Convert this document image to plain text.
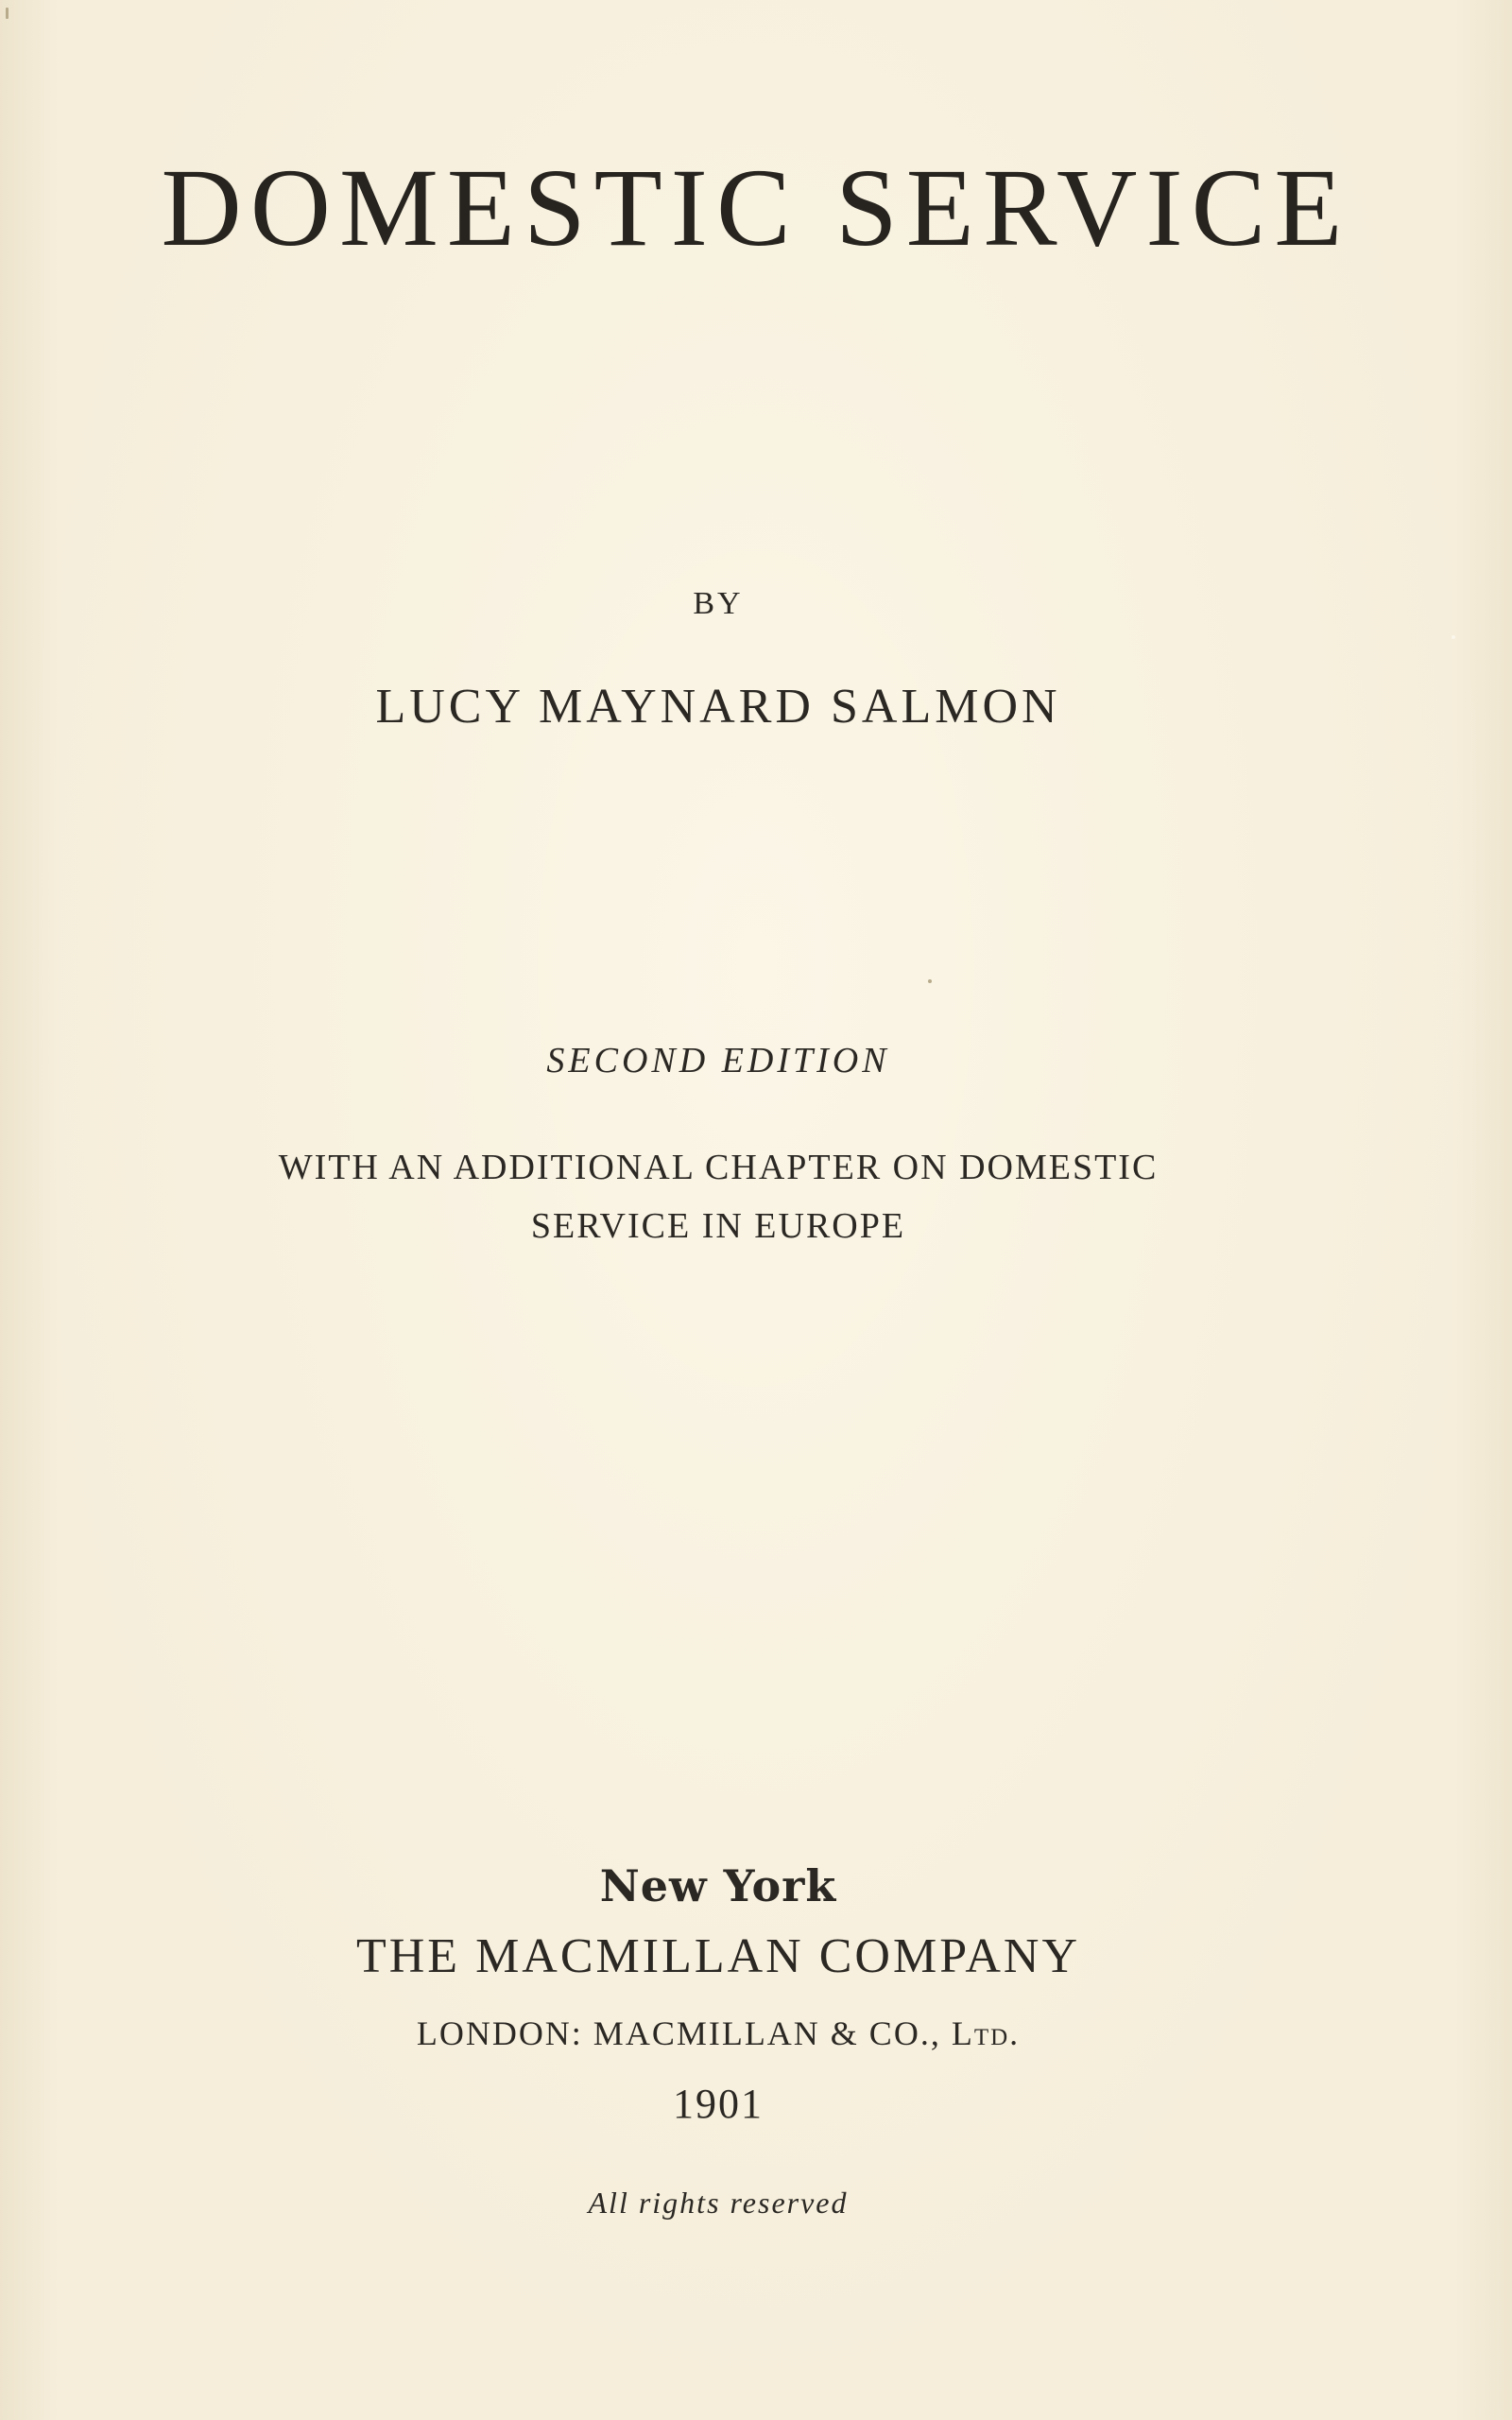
DOMESTIC SERVICE
BY
LUCY MAYNARD SALMON
SECOND EDITION
WITH AN ADDITIONAL CHAPTER ON DOMESTIC
SERVICE IN EUROPE
New York
THE MACMILLAN COMPANY
LONDON: MACMILLAN & CO., Ltd.
1901
All rights reserved
